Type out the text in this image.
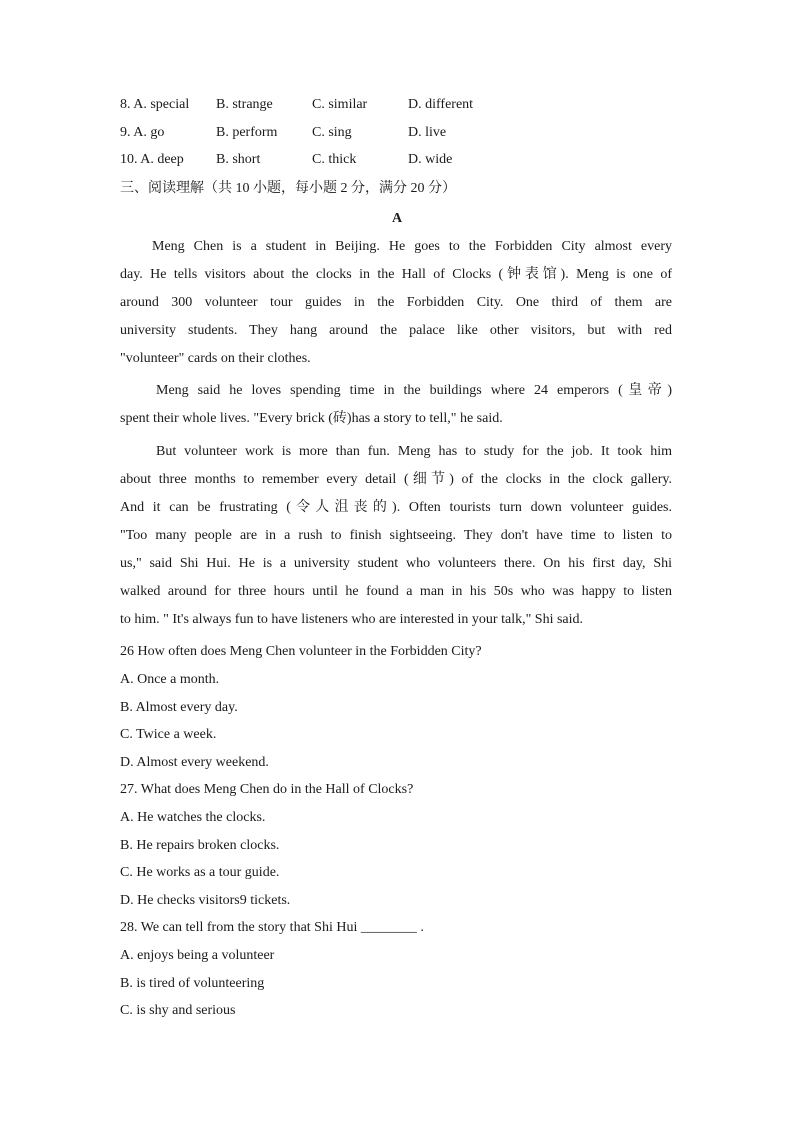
8. A. special B. strange	C. similar	D. different
9. A. go	B. perform C. sing	D. live
10. A. deep B. short	C. thick	D. wide
三、阅读理解（共 10 小题，每小题 2 分，满分 20 分）
A
Meng Chen is a student in Beijing. He goes to the Forbidden City almost every
day. He tells visitors about the clocks in the Hall of Clocks (钟表馆). Meng is one of
around 300 volunteer tour guides in the Forbidden City. One third of them are
university students. They hang around the palace like other visitors, but with red
"volunteer" cards on their clothes.
Meng said he loves spending time in the buildings where 24 emperors (皇帝)
spent their whole lives. "Every brick (砖)has a story to tell," he said.
But volunteer work is more than fun. Meng has to study for the job. It took him
about three months to remember every detail (细节) of the clocks in the clock gallery.
And it can be frustrating (令人沮丧的). Often tourists turn down volunteer guides.
"Too many people are in a rush to finish sightseeing. They don't have time to listen to
us," said Shi Hui. He is a university student who volunteers there. On his first day, Shi
walked around for three hours until he found a man in his 50s who was happy to listen
to him. " It's always fun to have listeners who are interested in your talk," Shi said.
26 How often does Meng Chen volunteer in the Forbidden City?
A. Once a month.
B. Almost every day.
C. Twice a week.
D. Almost every weekend.
27. What does Meng Chen do in the Hall of Clocks?
A. He watches the clocks.
B. He repairs broken clocks.
C. He works as a tour guide.
D. He checks visitors9 tickets.
28. We can tell from the story that Shi Hui ________ .
A. enjoys being a volunteer
B. is tired of volunteering
C. is shy and serious
